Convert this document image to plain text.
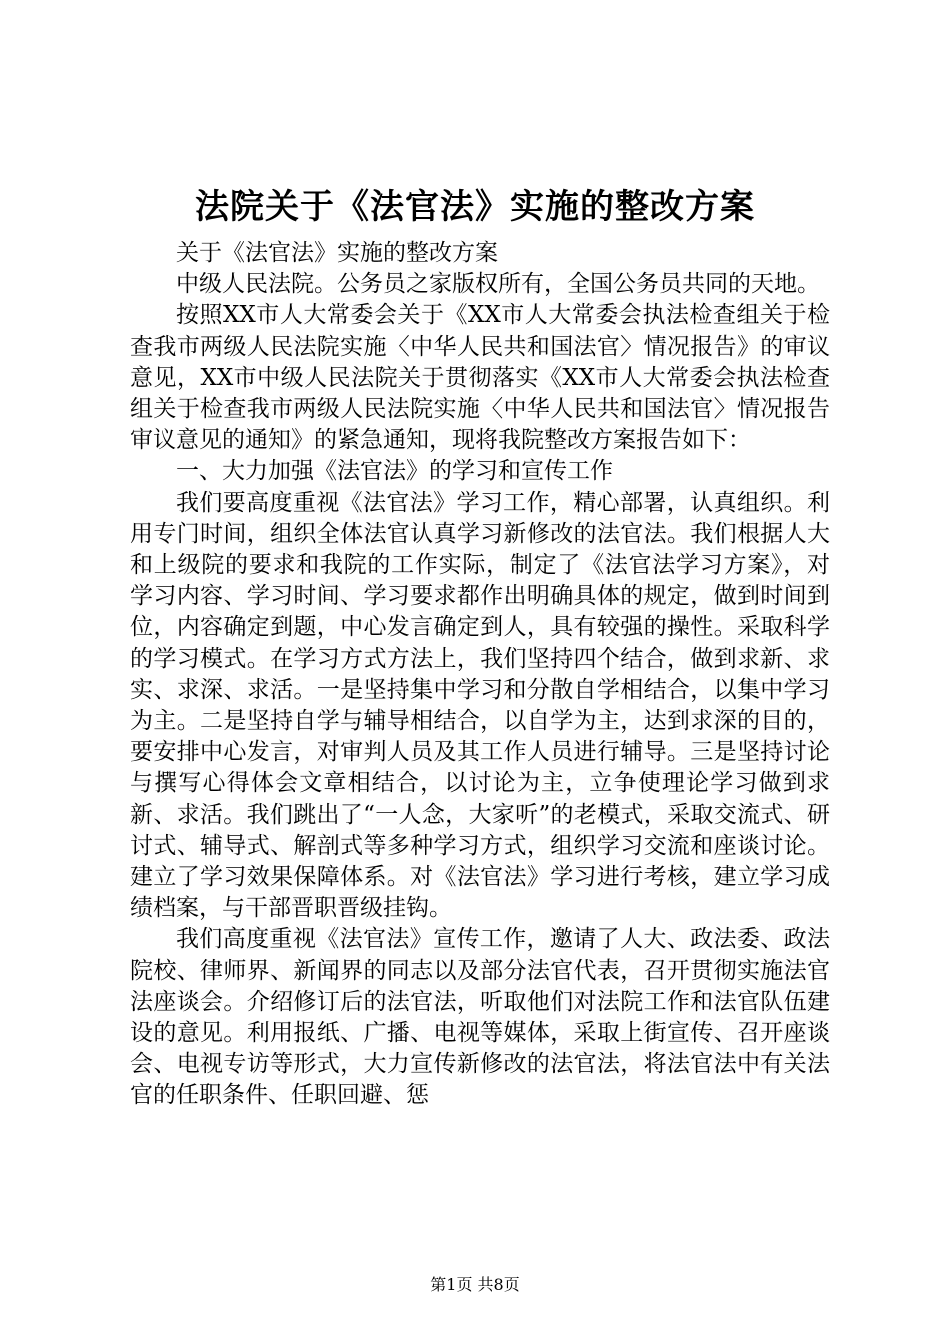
法院关于《法官法》实施的整改方案

关于《法官法》实施的整改方案

中级人民法院。公务员之家版权所有，全国公务员共同的天地。

按照XX市人大常委会关于《XX市人大常委会执法检查组关于检查我市两级人民法院实施〈中华人民共和国法官〉情况报告》的审议意见，XX市中级人民法院关于贯彻落实《XX市人大常委会执法检查组关于检查我市两级人民法院实施〈中华人民共和国法官〉情况报告审议意见的通知》的紧急通知，现将我院整改方案报告如下：

一、大力加强《法官法》的学习和宣传工作

我们要高度重视《法官法》学习工作，精心部署，认真组织。利用专门时间，组织全体法官认真学习新修改的法官法。我们根据人大和上级院的要求和我院的工作实际，制定了《法官法学习方案》，对学习内容、学习时间、学习要求都作出明确具体的规定，做到时间到位，内容确定到题，中心发言确定到人，具有较强的操性。采取科学的学习模式。在学习方式方法上，我们坚持四个结合，做到求新、求实、求深、求活。一是坚持集中学习和分散自学相结合，以集中学习为主。二是坚持自学与辅导相结合，以自学为主，达到求深的目的，要安排中心发言，对审判人员及其工作人员进行辅导。三是坚持讨论与撰写心得体会文章相结合，以讨论为主，立争使理论学习做到求新、求活。我们跳出了“一人念，大家听”的老模式，采取交流式、研讨式、辅导式、解剖式等多种学习方式，组织学习交流和座谈讨论。建立了学习效果保障体系。对《法官法》学习进行考核，建立学习成绩档案，与干部晋职晋级挂钩。

我们高度重视《法官法》宣传工作，邀请了人大、政法委、政法院校、律师界、新闻界的同志以及部分法官代表，召开贯彻实施法官法座谈会。介绍修订后的法官法，听取他们对法院工作和法官队伍建设的意见。利用报纸、广播、电视等媒体，采取上街宣传、召开座谈会、电视专访等形式，大力宣传新修改的法官法，将法官法中有关法官的任职条件、任职回避、惩

第1页 共8页
